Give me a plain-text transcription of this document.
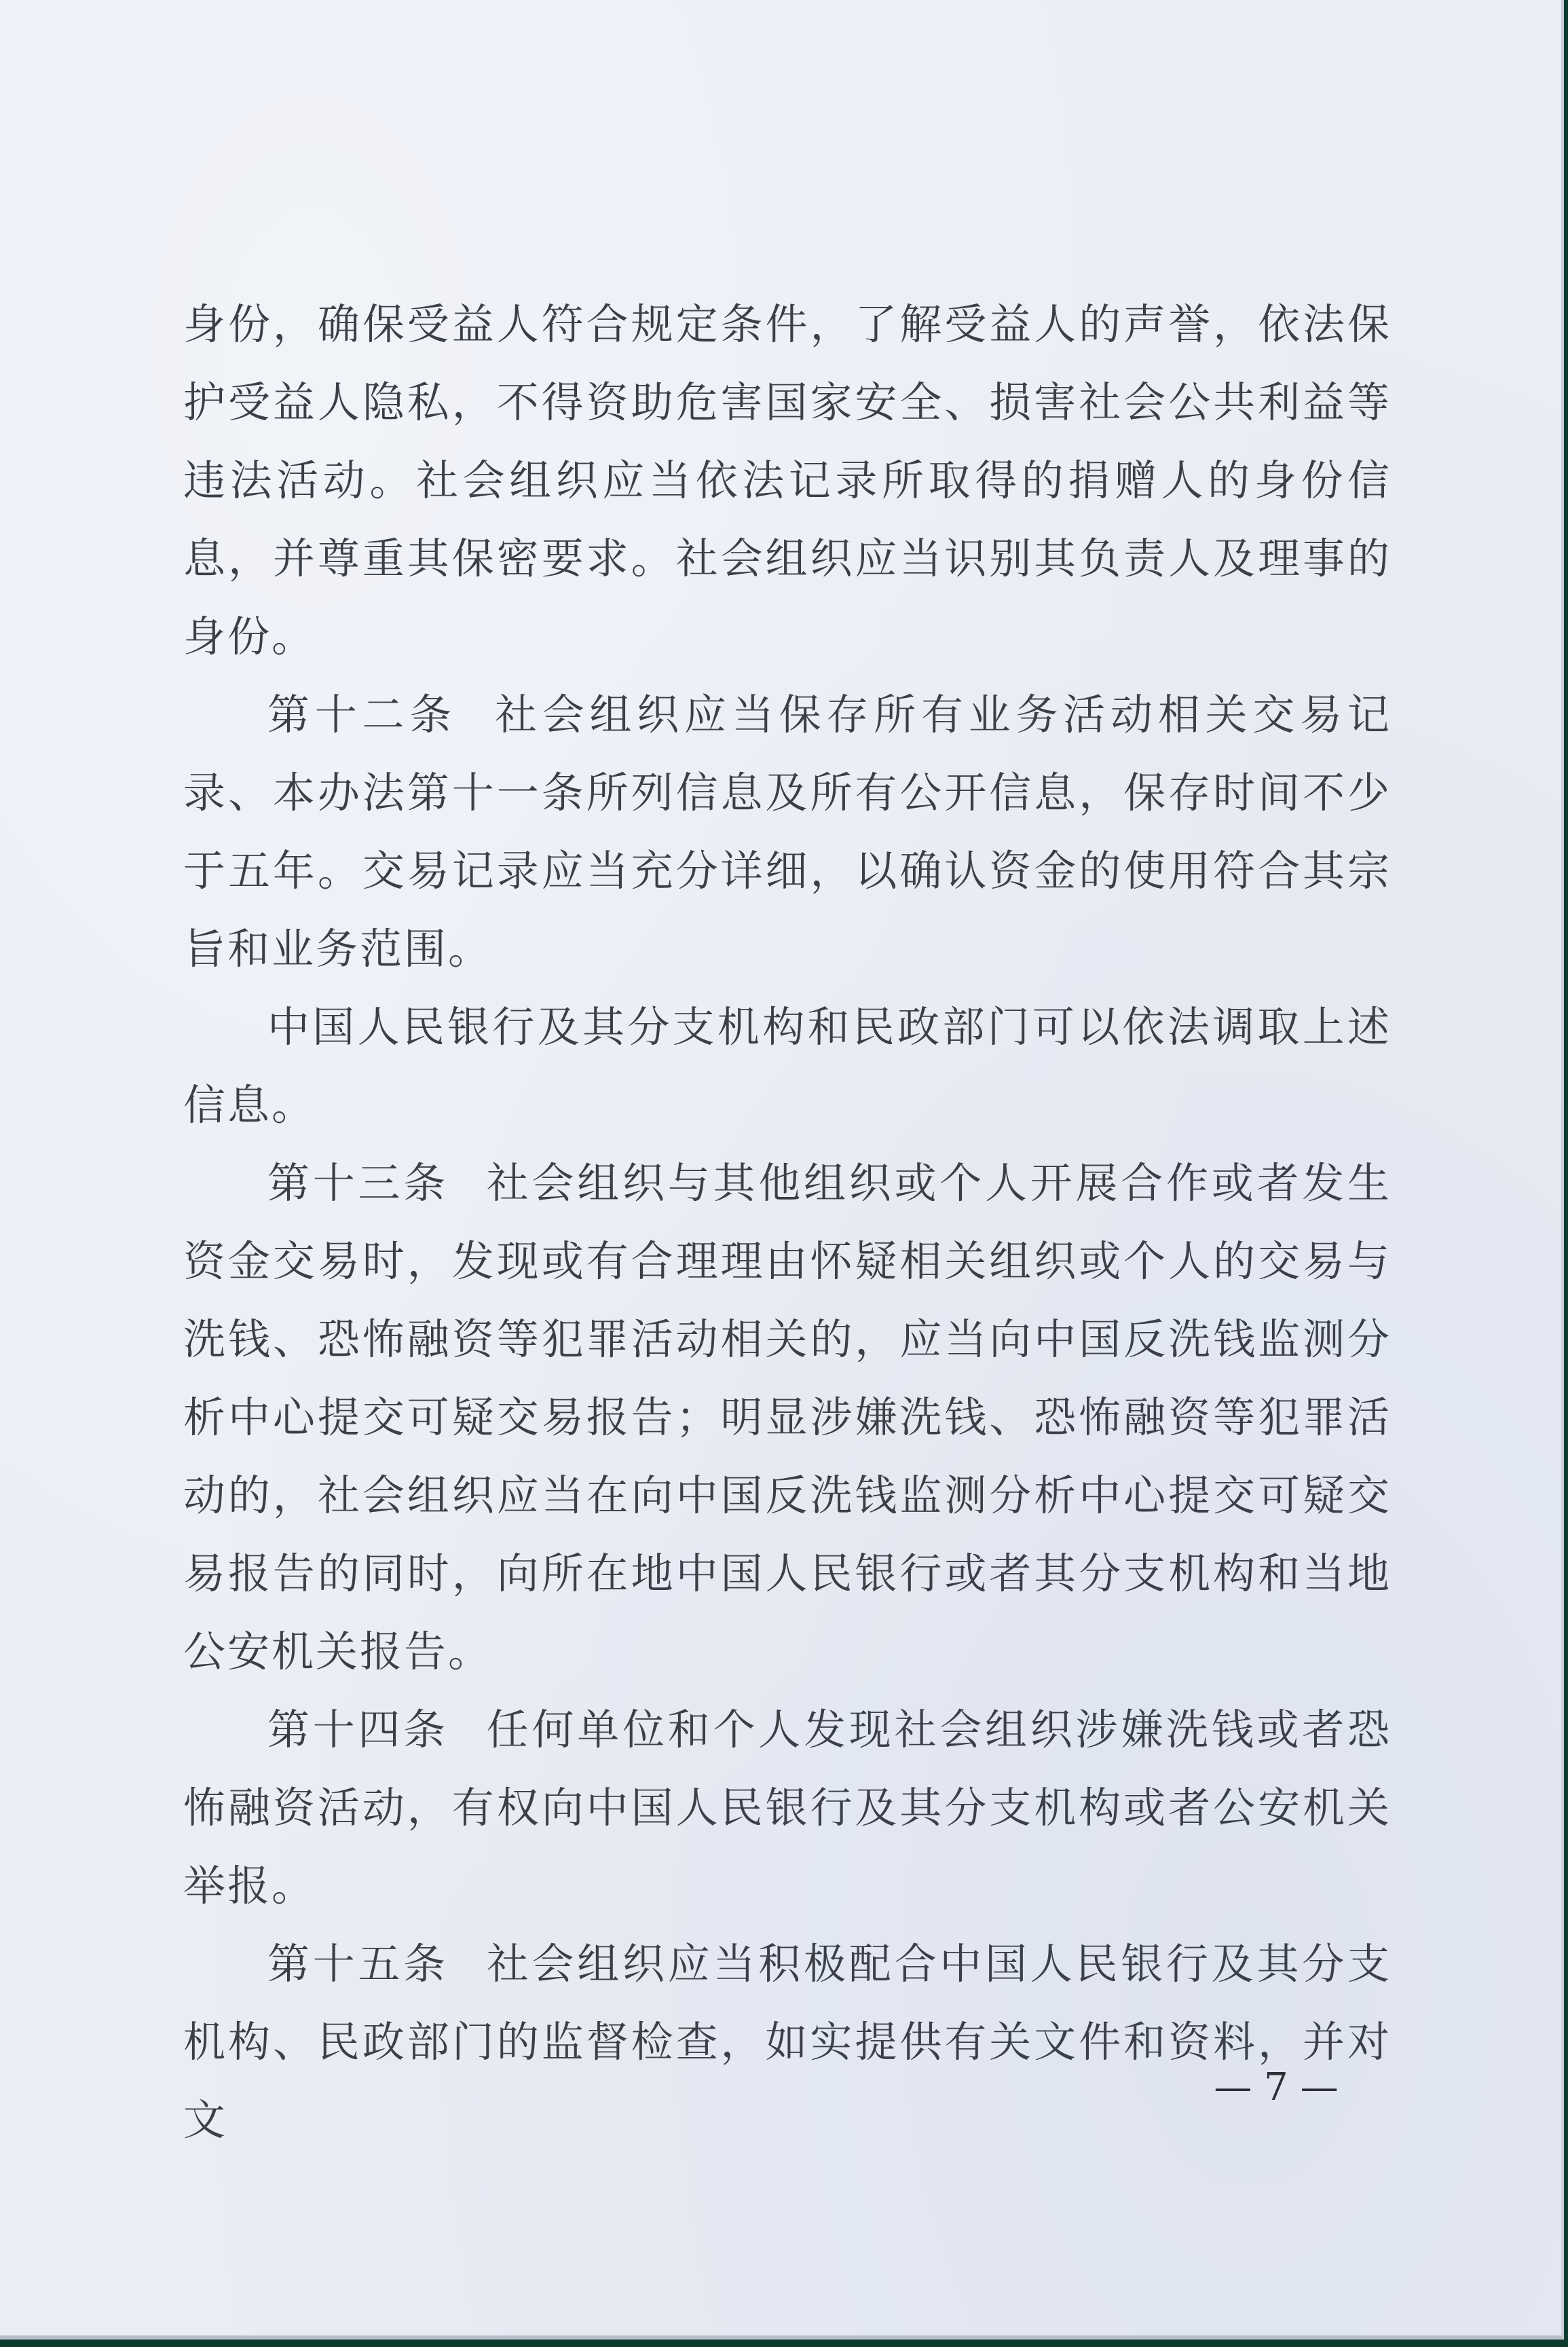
身份，确保受益人符合规定条件，了解受益人的声誉，依法保护受益人隐私，不得资助危害国家安全、损害社会公共利益等违法活动。社会组织应当依法记录所取得的捐赠人的身份信息，并尊重其保密要求。社会组织应当识别其负责人及理事的身份。

第十二条 社会组织应当保存所有业务活动相关交易记录、本办法第十一条所列信息及所有公开信息，保存时间不少于五年。交易记录应当充分详细，以确认资金的使用符合其宗旨和业务范围。

中国人民银行及其分支机构和民政部门可以依法调取上述信息。

第十三条 社会组织与其他组织或个人开展合作或者发生资金交易时，发现或有合理理由怀疑相关组织或个人的交易与洗钱、恐怖融资等犯罪活动相关的，应当向中国反洗钱监测分析中心提交可疑交易报告；明显涉嫌洗钱、恐怖融资等犯罪活动的，社会组织应当在向中国反洗钱监测分析中心提交可疑交易报告的同时，向所在地中国人民银行或者其分支机构和当地公安机关报告。

第十四条 任何单位和个人发现社会组织涉嫌洗钱或者恐怖融资活动，有权向中国人民银行及其分支机构或者公安机关举报。

第十五条 社会组织应当积极配合中国人民银行及其分支机构、民政部门的监督检查，如实提供有关文件和资料，并对文

— 7 —
